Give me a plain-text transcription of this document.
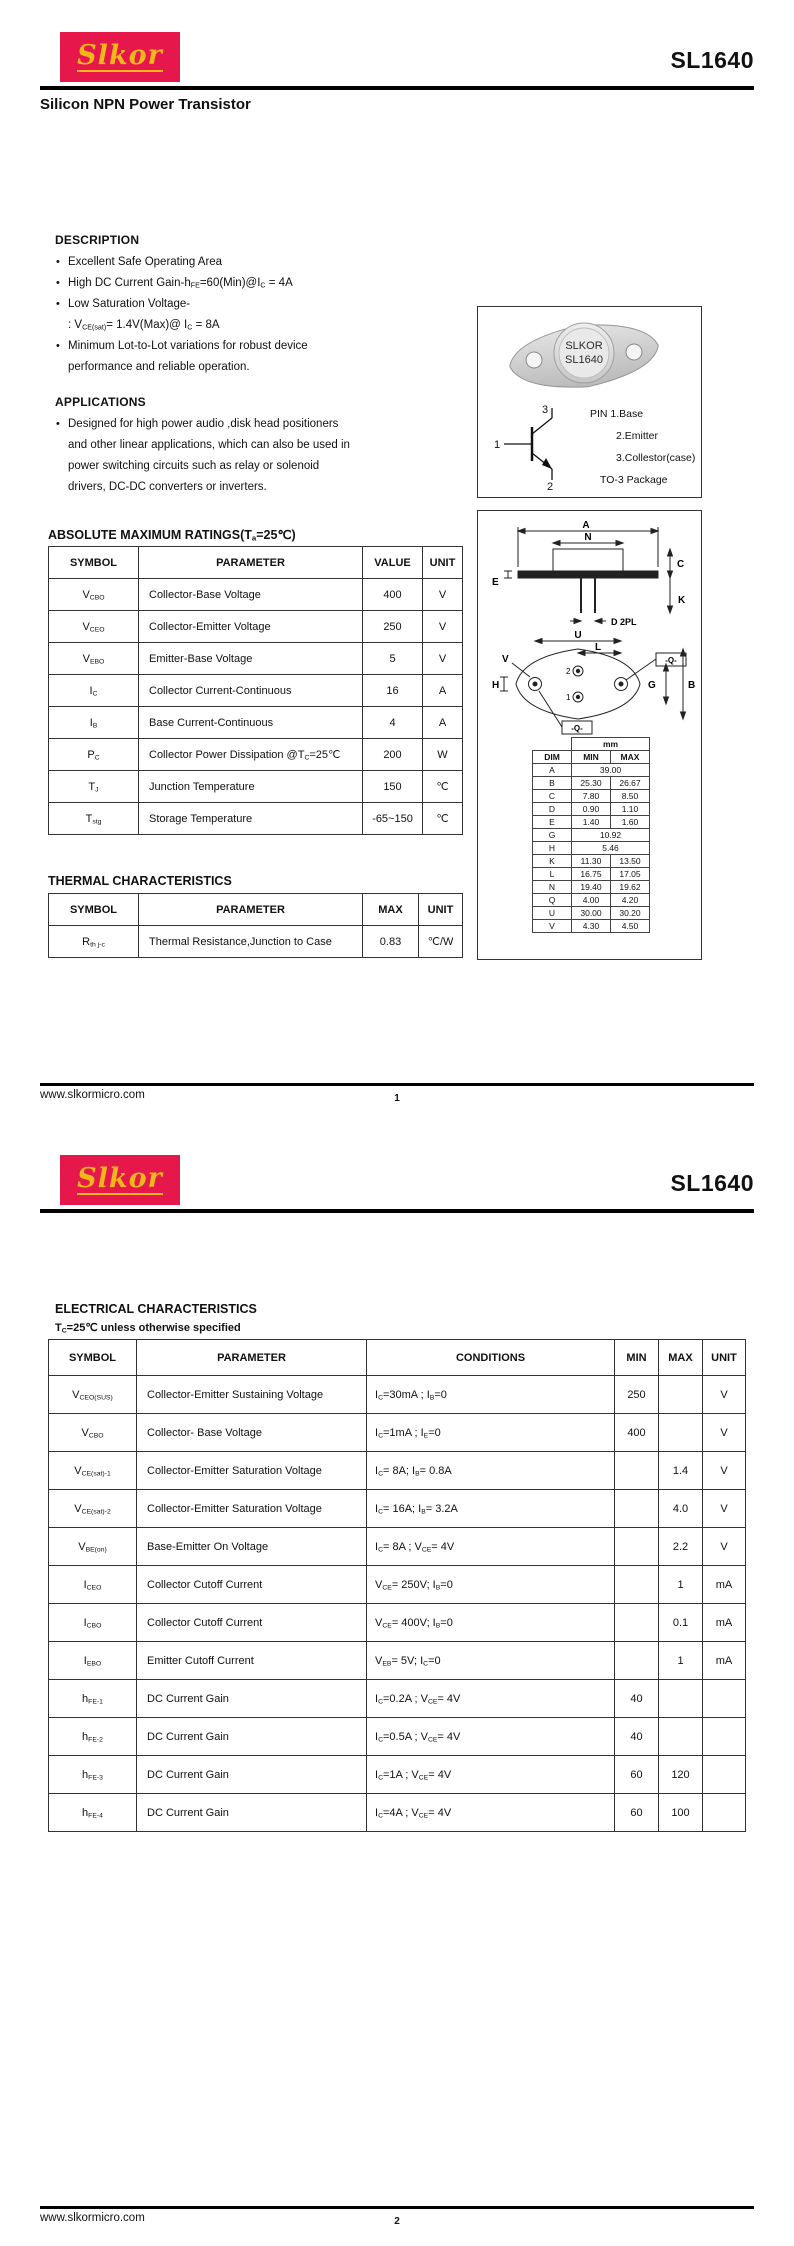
Slkor	SL1640
Silicon NPN Power Transistor
DESCRIPTION
•
Excellent Safe Operating Area
•
High DC Current Gain-$h_{FE}=60(Min)@I_C = 4A$
•
Low Saturation Voltage-
: $V_{CE(sat)}=$ 1.4V(Max)@ $I_C = 8A$
•
Minimum Lot-to-Lot variations for robust device performance and reliable operation.
APPLICATIONS
•
Designed for high power audio ,disk head positioners and other linear applications, which can also be used in power switching circuits such as relay or solenoid drivers, DC-DC converters or inverters.
SLKOR
SL1640
1
3
2
PIN 1.Base
2.Emitter
3.Collestor(case)
TO-3 Package
ABSOLUTE MAXIMUM $RATINGS(T_a=25℃)$
SYMBOL	PARAMETER	VALUE	UNIT
$V_{CBO}$	Collector-Base Voltage	400	V
$V_{CEO}$	Collector-Emitter Voltage	250	V
$V_{EBO}$	Emitter-Base Voltage	5	V
$I_C$	Collector Current-Continuous	16	A
$I_B$	Base Current-Continuous	4	A
$P_C$	Collector Power Dissipation $@T_C=25℃$	200	W
$T_J$	Junction Temperature	150	℃
$T_{stg}$	Storage Temperature	-65~150	℃
THERMAL CHARACTERISTICS
SYMBOL	PARAMETER	MAX	UNIT
$R_{th j-c}$	Thermal Resistance,Junction to Case	0.83	℃/W
A
N
C
K
E
D 2PL
U
L
V	-Q-
-Q-
G	B
H
2
1
	mm	
DIM	MIN	MAX
A	39.00	
B	25.30	26.67
C	7.80	8.50
D	0.90	1.10
E	1.40	1.60
G	10.92	
H	5.46	
K	11.30	13.50
L	16.75	17.05
N	19.40	19.62
Q	4.00	4.20
U	30.00	30.20
V	4.30	4.50
www.slkormicro.com	1
Slkor	SL1640
ELECTRICAL CHARACTERISTICS
$T_C=25℃$ unless otherwise specified
SYMBOL	PARAMETER	CONDITIONS	MIN	MAX	UNIT
$V_{CEO(SUS)}$	Collector-Emitter Sustaining Voltage	$I_C=30mA$ ; $I_B=0$	250		V
$V_{CBO}$	Collector- Base Voltage	$I_C=1mA$ ; $I_E=0$	400		V
$V_{CE(sat)-1}$	Collector-Emitter Saturation Voltage	$I_C= 8A$; $I_B= 0.8A$		1.4	V
$V_{CE(sat)-2}$	Collector-Emitter Saturation Voltage	$I_C= 16A$; $I_B= 3.2A$		4.0	V
$V_{BE(on)}$	Base-Emitter On Voltage	$I_C= 8A$ ; $V_{CE}= 4V$		2.2	V
$I_{CEO}$	Collector Cutoff Current	$V_{CE}= 250V$; $I_B=0$		1	mA
$I_{CBO}$	Collector Cutoff Current	$V_{CE}= 400V$; $I_B=0$		0.1	mA
$I_{EBO}$	Emitter Cutoff Current	$V_{EB}= 5V$; $I_C=0$		1	mA
$h_{FE-1}$	DC Current Gain	$I_C=0.2A$ ; $V_{CE}= 4V$	40		
$h_{FE-2}$	DC Current Gain	$I_C=0.5A$ ; $V_{CE}= 4V$	40		
$h_{FE-3}$	DC Current Gain	$I_C=1A$ ; $V_{CE}= 4V$	60	120	
$h_{FE-4}$	DC Current Gain	$I_C=4A$ ; $V_{CE}= 4V$	60	100	
www.slkormicro.com	2
